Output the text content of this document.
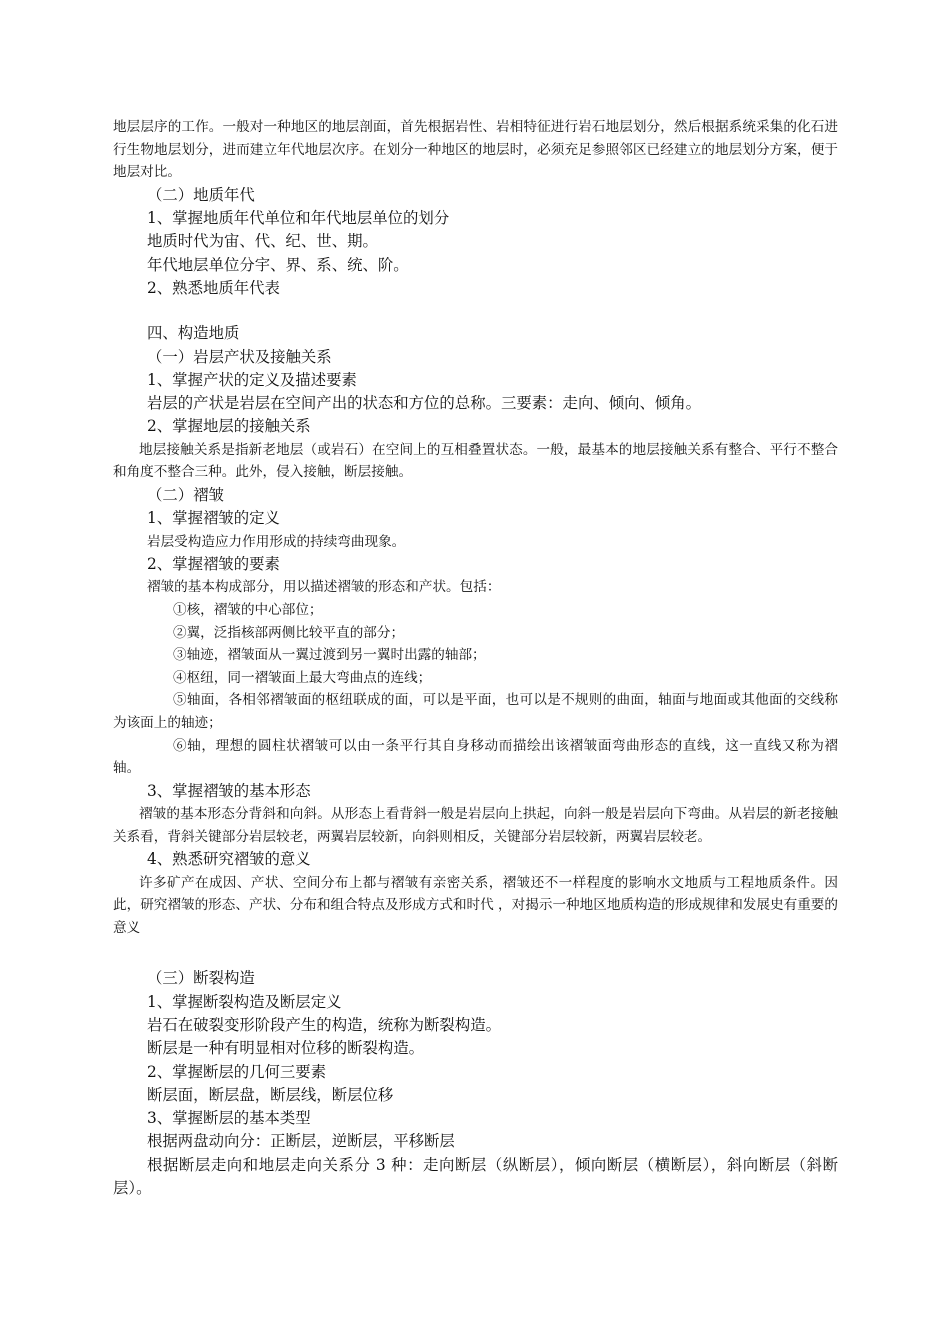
地层层序的工作。一般对一种地区的地层剖面，首先根据岩性、岩相特征进行岩石地层划分，然后根据系统采集的化石进行生物地层划分，进而建立年代地层次序。在划分一种地区的地层时，必须充足参照邻区已经建立的地层划分方案，便于地层对比。

（二）地质年代

1、掌握地质年代单位和年代地层单位的划分

地质时代为宙、代、纪、世、期。

年代地层单位分宇、界、系、统、阶。

2、熟悉地质年代表

四、构造地质

（一）岩层产状及接触关系

1、掌握产状的定义及描述要素

岩层的产状是岩层在空间产出的状态和方位的总称。三要素：走向、倾向、倾角。

2、掌握地层的接触关系

地层接触关系是指新老地层（或岩石）在空间上的互相叠置状态。一般，最基本的地层接触关系有整合、平行不整合和角度不整合三种。此外，侵入接触，断层接触。

（二）褶皱

1、掌握褶皱的定义

岩层受构造应力作用形成的持续弯曲现象。

2、掌握褶皱的要素

褶皱的基本构成部分，用以描述褶皱的形态和产状。包括：

①核，褶皱的中心部位；

②翼，泛指核部两侧比较平直的部分；

③轴迹，褶皱面从一翼过渡到另一翼时出露的轴部；

④枢纽，同一褶皱面上最大弯曲点的连线；

⑤轴面，各相邻褶皱面的枢纽联成的面，可以是平面，也可以是不规则的曲面，轴面与地面或其他面的交线称为该面上的轴迹；

⑥轴，理想的圆柱状褶皱可以由一条平行其自身移动而描绘出该褶皱面弯曲形态的直线，这一直线又称为褶轴。

3、掌握褶皱的基本形态

褶皱的基本形态分背斜和向斜。从形态上看背斜一般是岩层向上拱起，向斜一般是岩层向下弯曲。从岩层的新老接触关系看，背斜关键部分岩层较老，两翼岩层较新，向斜则相反，关键部分岩层较新，两翼岩层较老。

4、熟悉研究褶皱的意义

许多矿产在成因、产状、空间分布上都与褶皱有亲密关系，褶皱还不一样程度的影响水文地质与工程地质条件。因此，研究褶皱的形态、产状、分布和组合特点及形成方式和时代 ，对揭示一种地区地质构造的形成规律和发展史有重要的意义

（三）断裂构造

1、掌握断裂构造及断层定义

岩石在破裂变形阶段产生的构造，统称为断裂构造。

断层是一种有明显相对位移的断裂构造。

2、掌握断层的几何三要素

断层面，断层盘，断层线，断层位移

3、掌握断层的基本类型

根据两盘动向分：正断层，逆断层，平移断层

根据断层走向和地层走向关系分 3 种：走向断层（纵断层），倾向断层（横断层），斜向断层（斜断层）。
